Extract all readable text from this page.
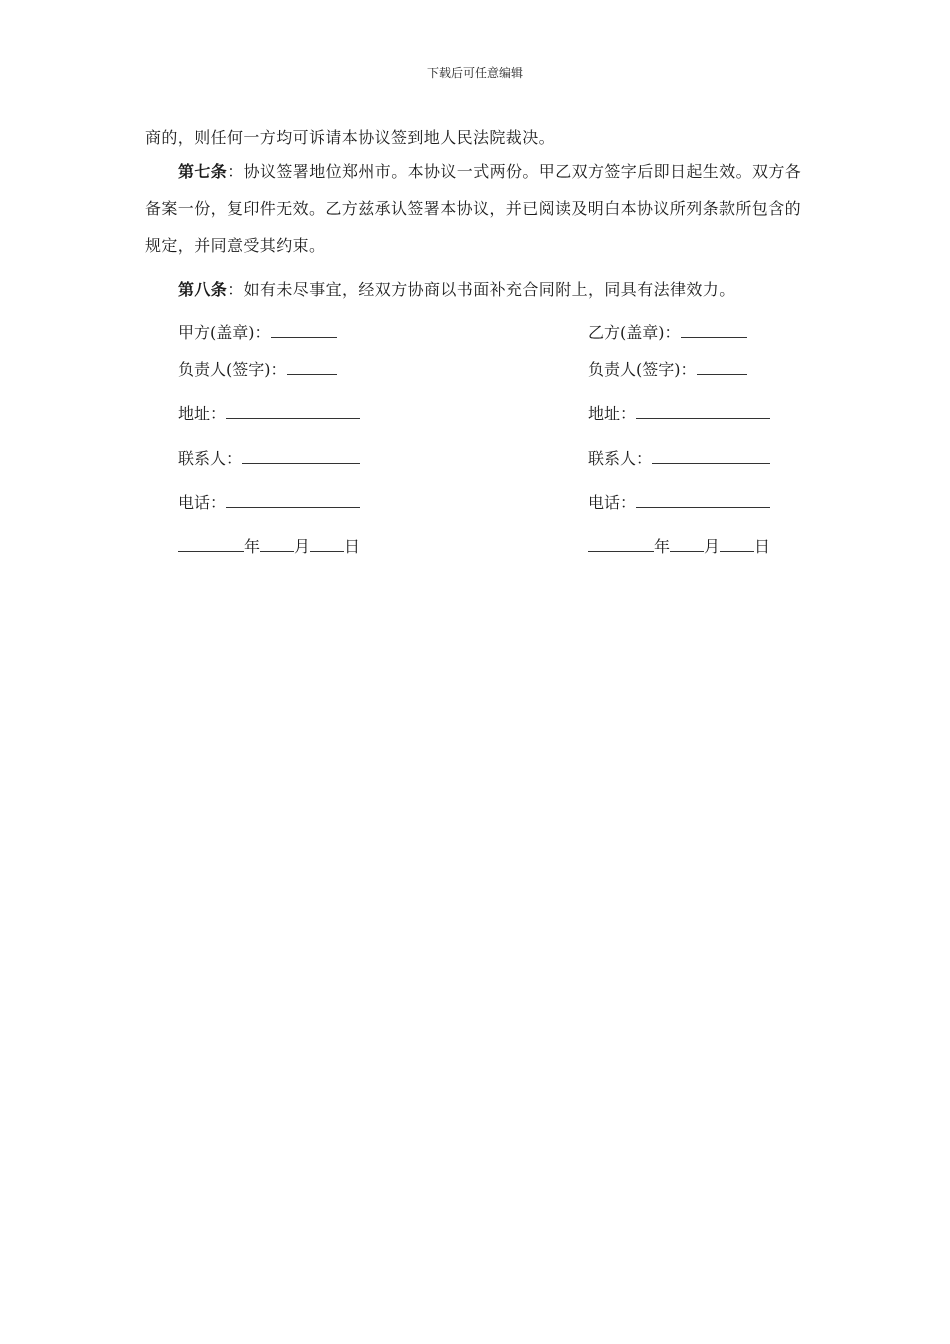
下载后可任意编辑

商的，则任何一方均可诉请本协议签到地人民法院裁决。

第七条：协议签署地位郑州市。本协议一式两份。甲乙双方签字后即日起生效。双方各备案一份，复印件无效。乙方兹承认签署本协议，并已阅读及明白本协议所列条款所包含的规定，并同意受其约束。

第八条：如有未尽事宜，经双方协商以书面补充合同附上，同具有法律效力。

甲方(盖章)：
负责人(签字)：
地址：
联系人：
电话：
年 月 日
乙方(盖章)：
负责人(签字)：
地址：
联系人：
电话：
年 月 日
